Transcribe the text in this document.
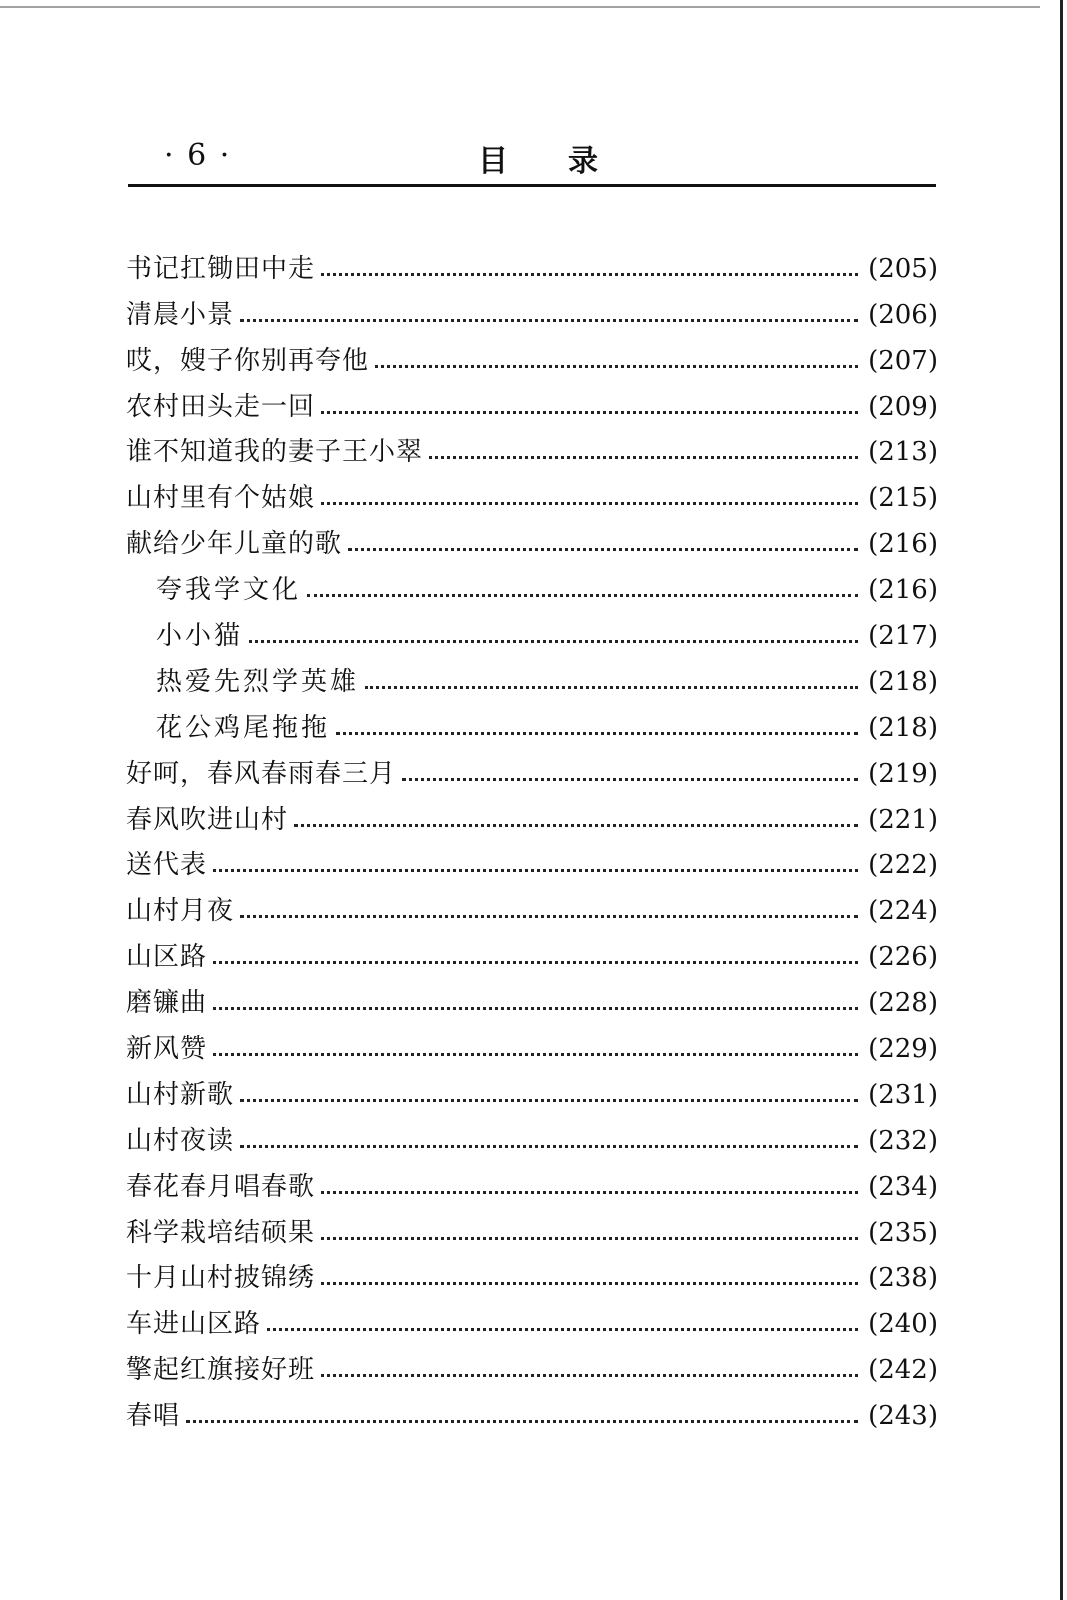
· 6 ·	目录
书记扛锄田中走	(205)
清晨小景	(206)
哎，嫂子你别再夸他	(207)
农村田头走一回	(209)
谁不知道我的妻子王小翠	(213)
山村里有个姑娘	(215)
献给少年儿童的歌	(216)
夸我学文化	(216)
小小猫	(217)
热爱先烈学英雄	(218)
花公鸡尾拖拖	(218)
好呵，春风春雨春三月	(219)
春风吹进山村	(221)
送代表	(222)
山村月夜	(224)
山区路	(226)
磨镰曲	(228)
新风赞	(229)
山村新歌	(231)
山村夜读	(232)
春花春月唱春歌	(234)
科学栽培结硕果	(235)
十月山村披锦绣	(238)
车进山区路	(240)
擎起红旗接好班	(242)
春唱	(243)
